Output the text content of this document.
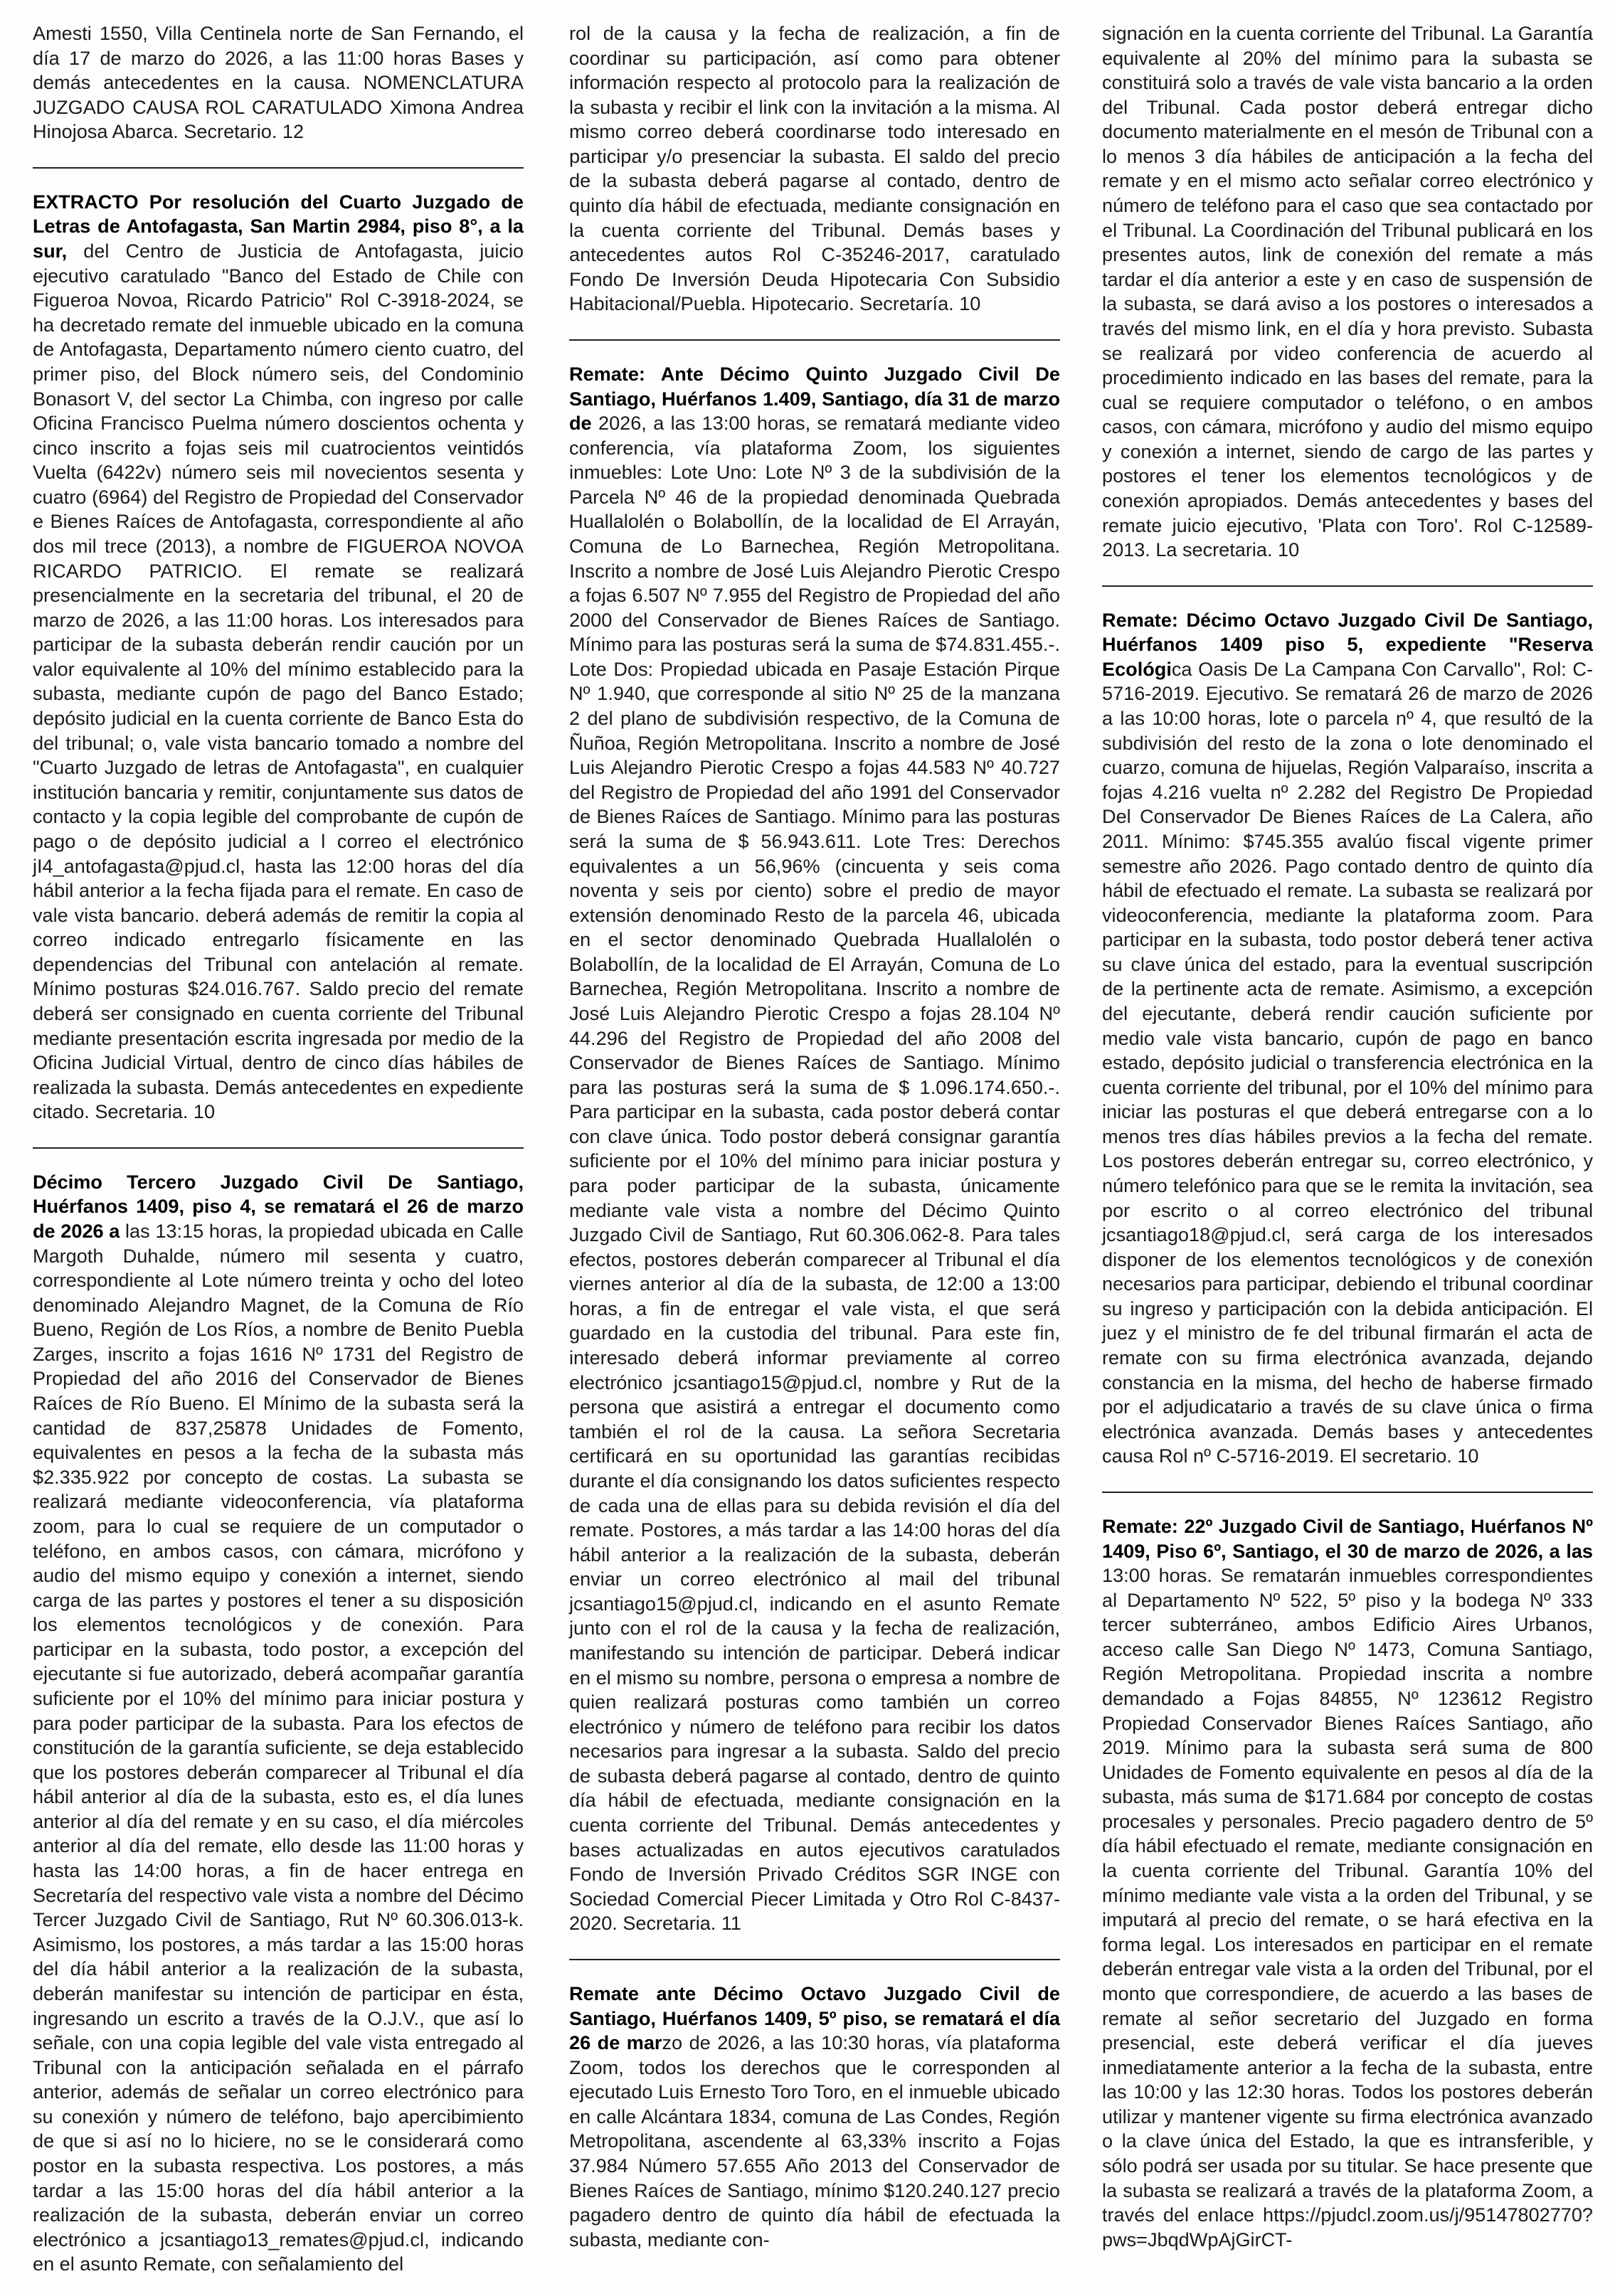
Amesti 1550, Villa Centinela norte de San Fernando, el día 17 de marzo do 2026, a las 11:00 horas Bases y demás antecedentes en la causa. NOMENCLATURA JUZGADO CAUSA ROL CARATULADO Ximona Andrea Hinojosa Abarca. Secretario. 12

EXTRACTO Por resolución del Cuarto Juzgado de Letras de Antofagasta, San Martin 2984, piso 8°, a la sur, del Centro de Justicia de Antofagasta, juicio ejecutivo caratulado "Banco del Estado de Chile con Figueroa Novoa, Ricardo Patricio" Rol C-3918-2024, se ha decretado remate del inmueble ubicado en la comuna de Antofagasta, Departamento número ciento cuatro, del primer piso, del Block número seis, del Condominio Bonasort V, del sector La Chimba, con ingreso por calle Oficina Francisco Puelma número doscientos ochenta y cinco inscrito a fojas seis mil cuatrocientos veintidós Vuelta (6422v) número seis mil novecientos sesenta y cuatro (6964) del Registro de Propiedad del Conservador e Bienes Raíces de Antofagasta, correspondiente al año dos mil trece (2013), a nombre de FIGUEROA NOVOA RICARDO PATRICIO. El remate se realizará presencialmente en la secretaria del tribunal, el 20 de marzo de 2026, a las 11:00 horas. Los interesados para participar de la subasta deberán rendir caución por un valor equivalente al 10% del mínimo establecido para la subasta, mediante cupón de pago del Banco Estado; depósito judicial en la cuenta corriente de Banco Esta do del tribunal; o, vale vista bancario tomado a nombre del "Cuarto Juzgado de letras de Antofagasta", en cualquier institución bancaria y remitir, conjuntamente sus datos de contacto y la copia legible del comprobante de cupón de pago o de depósito judicial a l correo el electrónico jI4_antofagasta@pjud.cl, hasta las 12:00 horas del día hábil anterior a la fecha fijada para el remate. En caso de vale vista bancario. deberá además de remitir la copia al correo indicado entregarlo físicamente en las dependencias del Tribunal con antelación al remate. Mínimo posturas $24.016.767. Saldo precio del remate deberá ser consignado en cuenta corriente del Tribunal mediante presentación escrita ingresada por medio de la Oficina Judicial Virtual, dentro de cinco días hábiles de realizada la subasta. Demás antecedentes en expediente citado. Secretaria. 10

Décimo Tercero Juzgado Civil De Santiago, Huérfanos 1409, piso 4, se rematará el 26 de marzo de 2026 a las 13:15 horas, la propiedad ubicada en Calle Margoth Duhalde, número mil sesenta y cuatro, correspondiente al Lote número treinta y ocho del loteo denominado Alejandro Magnet, de la Comuna de Río Bueno, Región de Los Ríos, a nombre de Benito Puebla Zarges, inscrito a fojas 1616 Nº 1731 del Registro de Propiedad del año 2016 del Conservador de Bienes Raíces de Río Bueno. El Mínimo de la subasta será la cantidad de 837,25878 Unidades de Fomento, equivalentes en pesos a la fecha de la subasta más $2.335.922 por concepto de costas. La subasta se realizará mediante videoconferencia, vía plataforma zoom, para lo cual se requiere de un computador o teléfono, en ambos casos, con cámara, micrófono y audio del mismo equipo y conexión a internet, siendo carga de las partes y postores el tener a su disposición los elementos tecnológicos y de conexión. Para participar en la subasta, todo postor, a excepción del ejecutante si fue autorizado, deberá acompañar garantía suficiente por el 10% del mínimo para iniciar postura y para poder participar de la subasta. Para los efectos de constitución de la garantía suficiente, se deja establecido que los postores deberán comparecer al Tribunal el día hábil anterior al día de la subasta, esto es, el día lunes anterior al día del remate y en su caso, el día miércoles anterior al día del remate, ello desde las 11:00 horas y hasta las 14:00 horas, a fin de hacer entrega en Secretaría del respectivo vale vista a nombre del Décimo Tercer Juzgado Civil de Santiago, Rut Nº 60.306.013-k. Asimismo, los postores, a más tardar a las 15:00 horas del día hábil anterior a la realización de la subasta, deberán manifestar su intención de participar en ésta, ingresando un escrito a través de la O.J.V., que así lo señale, con una copia legible del vale vista entregado al Tribunal con la anticipación señalada en el párrafo anterior, además de señalar un correo electrónico para su conexión y número de teléfono, bajo apercibimiento de que si así no lo hiciere, no se le considerará como postor en la subasta respectiva. Los postores, a más tardar a las 15:00 horas del día hábil anterior a la realización de la subasta, deberán enviar un correo electrónico a jcsantiago13_remates@pjud.cl, indicando en el asunto Remate, con señalamiento del

rol de la causa y la fecha de realización, a fin de coordinar su participación, así como para obtener información respecto al protocolo para la realización de la subasta y recibir el link con la invitación a la misma. Al mismo correo deberá coordinarse todo interesado en participar y/o presenciar la subasta. El saldo del precio de la subasta deberá pagarse al contado, dentro de quinto día hábil de efectuada, mediante consignación en la cuenta corriente del Tribunal. Demás bases y antecedentes autos Rol C-35246-2017, caratulado Fondo De Inversión Deuda Hipotecaria Con Subsidio Habitacional/Puebla. Hipotecario. Secretaría. 10

Remate: Ante Décimo Quinto Juzgado Civil De Santiago, Huérfanos 1.409, Santiago, día 31 de marzo de 2026, a las 13:00 horas, se rematará mediante video conferencia, vía plataforma Zoom, los siguientes inmuebles: Lote Uno: Lote Nº 3 de la subdivisión de la Parcela Nº 46 de la propiedad denominada Quebrada Huallalolén o Bolabollín, de la localidad de El Arrayán, Comuna de Lo Barnechea, Región Metropolitana. Inscrito a nombre de José Luis Alejandro Pierotic Crespo a fojas 6.507 Nº 7.955 del Registro de Propiedad del año 2000 del Conservador de Bienes Raíces de Santiago. Mínimo para las posturas será la suma de $74.831.455.-. Lote Dos: Propiedad ubicada en Pasaje Estación Pirque Nº 1.940, que corresponde al sitio Nº 25 de la manzana 2 del plano de subdivisión respectivo, de la Comuna de Ñuñoa, Región Metropolitana. Inscrito a nombre de José Luis Alejandro Pierotic Crespo a fojas 44.583 Nº 40.727 del Registro de Propiedad del año 1991 del Conservador de Bienes Raíces de Santiago. Mínimo para las posturas será la suma de $ 56.943.611. Lote Tres: Derechos equivalentes a un 56,96% (cincuenta y seis coma noventa y seis por ciento) sobre el predio de mayor extensión denominado Resto de la parcela 46, ubicada en el sector denominado Quebrada Huallalolén o Bolabollín, de la localidad de El Arrayán, Comuna de Lo Barnechea, Región Metropolitana. Inscrito a nombre de José Luis Alejandro Pierotic Crespo a fojas 28.104 Nº 44.296 del Registro de Propiedad del año 2008 del Conservador de Bienes Raíces de Santiago. Mínimo para las posturas será la suma de $ 1.096.174.650.-. Para participar en la subasta, cada postor deberá contar con clave única. Todo postor deberá consignar garantía suficiente por el 10% del mínimo para iniciar postura y para poder participar de la subasta, únicamente mediante vale vista a nombre del Décimo Quinto Juzgado Civil de Santiago, Rut 60.306.062-8. Para tales efectos, postores deberán comparecer al Tribunal el día viernes anterior al día de la subasta, de 12:00 a 13:00 horas, a fin de entregar el vale vista, el que será guardado en la custodia del tribunal. Para este fin, interesado deberá informar previamente al correo electrónico jcsantiago15@pjud.cl, nombre y Rut de la persona que asistirá a entregar el documento como también el rol de la causa. La señora Secretaria certificará en su oportunidad las garantías recibidas durante el día consignando los datos suficientes respecto de cada una de ellas para su debida revisión el día del remate. Postores, a más tardar a las 14:00 horas del día hábil anterior a la realización de la subasta, deberán enviar un correo electrónico al mail del tribunal jcsantiago15@pjud.cl, indicando en el asunto Remate junto con el rol de la causa y la fecha de realización, manifestando su intención de participar. Deberá indicar en el mismo su nombre, persona o empresa a nombre de quien realizará posturas como también un correo electrónico y número de teléfono para recibir los datos necesarios para ingresar a la subasta. Saldo del precio de subasta deberá pagarse al contado, dentro de quinto día hábil de efectuada, mediante consignación en la cuenta corriente del Tribunal. Demás antecedentes y bases actualizadas en autos ejecutivos caratulados Fondo de Inversión Privado Créditos SGR INGE con Sociedad Comercial Piecer Limitada y Otro Rol C-8437-2020. Secretaria. 11

Remate ante Décimo Octavo Juzgado Civil de Santiago, Huérfanos 1409, 5º piso, se rematará el día 26 de marzo de 2026, a las 10:30 horas, vía plataforma Zoom, todos los derechos que le corresponden al ejecutado Luis Ernesto Toro Toro, en el inmueble ubicado en calle Alcántara 1834, comuna de Las Condes, Región Metropolitana, ascendente al 63,33% inscrito a Fojas 37.984 Número 57.655 Año 2013 del Conservador de Bienes Raíces de Santiago, mínimo $120.240.127 precio pagadero dentro de quinto día hábil de efectuada la subasta, mediante con-

signación en la cuenta corriente del Tribunal. La Garantía equivalente al 20% del mínimo para la subasta se constituirá solo a través de vale vista bancario a la orden del Tribunal. Cada postor deberá entregar dicho documento materialmente en el mesón de Tribunal con a lo menos 3 día hábiles de anticipación a la fecha del remate y en el mismo acto señalar correo electrónico y número de teléfono para el caso que sea contactado por el Tribunal. La Coordinación del Tribunal publicará en los presentes autos, link de conexión del remate a más tardar el día anterior a este y en caso de suspensión de la subasta, se dará aviso a los postores o interesados a través del mismo link, en el día y hora previsto. Subasta se realizará por video conferencia de acuerdo al procedimiento indicado en las bases del remate, para la cual se requiere computador o teléfono, o en ambos casos, con cámara, micrófono y audio del mismo equipo y conexión a internet, siendo de cargo de las partes y postores el tener los elementos tecnológicos y de conexión apropiados. Demás antecedentes y bases del remate juicio ejecutivo, 'Plata con Toro'. Rol C-12589-2013. La secretaria. 10

Remate: Décimo Octavo Juzgado Civil De Santiago, Huérfanos 1409 piso 5, expediente "Reserva Ecológica Oasis De La Campana Con Carvallo", Rol: C-5716-2019. Ejecutivo. Se rematará 26 de marzo de 2026 a las 10:00 horas, lote o parcela nº 4, que resultó de la subdivisión del resto de la zona o lote denominado el cuarzo, comuna de hijuelas, Región Valparaíso, inscrita a fojas 4.216 vuelta nº 2.282 del Registro De Propiedad Del Conservador De Bienes Raíces de La Calera, año 2011. Mínimo: $745.355 avalúo fiscal vigente primer semestre año 2026. Pago contado dentro de quinto día hábil de efectuado el remate. La subasta se realizará por videoconferencia, mediante la plataforma zoom. Para participar en la subasta, todo postor deberá tener activa su clave única del estado, para la eventual suscripción de la pertinente acta de remate. Asimismo, a excepción del ejecutante, deberá rendir caución suficiente por medio vale vista bancario, cupón de pago en banco estado, depósito judicial o transferencia electrónica en la cuenta corriente del tribunal, por el 10% del mínimo para iniciar las posturas el que deberá entregarse con a lo menos tres días hábiles previos a la fecha del remate. Los postores deberán entregar su, correo electrónico, y número telefónico para que se le remita la invitación, sea por escrito o al correo electrónico del tribunal jcsantiago18@pjud.cl, será carga de los interesados disponer de los elementos tecnológicos y de conexión necesarios para participar, debiendo el tribunal coordinar su ingreso y participación con la debida anticipación. El juez y el ministro de fe del tribunal firmarán el acta de remate con su firma electrónica avanzada, dejando constancia en la misma, del hecho de haberse firmado por el adjudicatario a través de su clave única o firma electrónica avanzada. Demás bases y antecedentes causa Rol nº C-5716-2019. El secretario. 10

Remate: 22º Juzgado Civil de Santiago, Huérfanos Nº 1409, Piso 6º, Santiago, el 30 de marzo de 2026, a las 13:00 horas. Se rematarán inmuebles correspondientes al Departamento Nº 522, 5º piso y la bodega Nº 333 tercer subterráneo, ambos Edificio Aires Urbanos, acceso calle San Diego Nº 1473, Comuna Santiago, Región Metropolitana. Propiedad inscrita a nombre demandado a Fojas 84855, Nº 123612 Registro Propiedad Conservador Bienes Raíces Santiago, año 2019. Mínimo para la subasta será suma de 800 Unidades de Fomento equivalente en pesos al día de la subasta, más suma de $171.684 por concepto de costas procesales y personales. Precio pagadero dentro de 5º día hábil efectuado el remate, mediante consignación en la cuenta corriente del Tribunal. Garantía 10% del mínimo mediante vale vista a la orden del Tribunal, y se imputará al precio del remate, o se hará efectiva en la forma legal. Los interesados en participar en el remate deberán entregar vale vista a la orden del Tribunal, por el monto que correspondiere, de acuerdo a las bases de remate al señor secretario del Juzgado en forma presencial, este deberá verificar el día jueves inmediatamente anterior a la fecha de la subasta, entre las 10:00 y las 12:30 horas. Todos los postores deberán utilizar y mantener vigente su firma electrónica avanzado o la clave única del Estado, la que es intransferible, y sólo podrá ser usada por su titular. Se hace presente que la subasta se realizará a través de la plataforma Zoom, a través del enlace https://pjudcl.zoom.us/j/95147802770?pws=JbqdWpAjGirCT-
